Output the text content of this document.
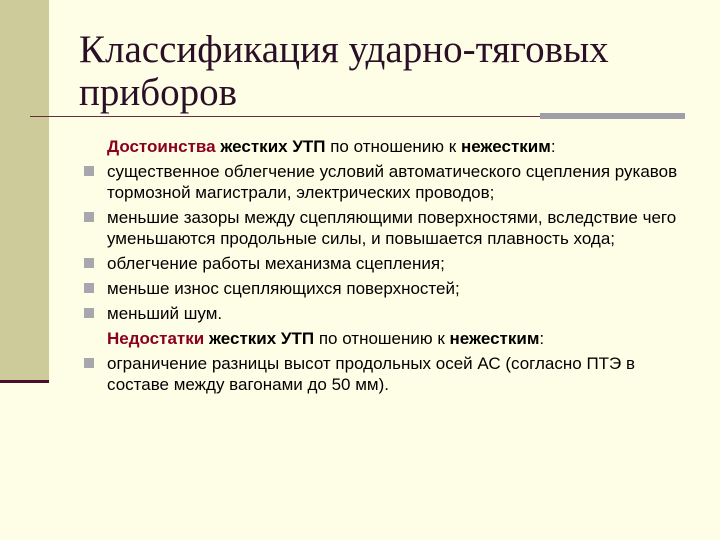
Классификация ударно-тяговых приборов

Достоинства жестких УТП по отношению к нежестким:

существенное облегчение условий автоматического сцепления рукавов тормозной магистрали, электрических проводов;
меньшие зазоры между сцепляющими поверхностями, вследствие чего уменьшаются продольные силы, и повышается плавность хода;
облегчение работы механизма сцепления;
меньше износ сцепляющихся поверхностей;
меньший шум.

Недостатки жестких УТП по отношению к нежестким:

ограничение разницы высот продольных осей АС (согласно ПТЭ в составе между вагонами до 50 мм).
